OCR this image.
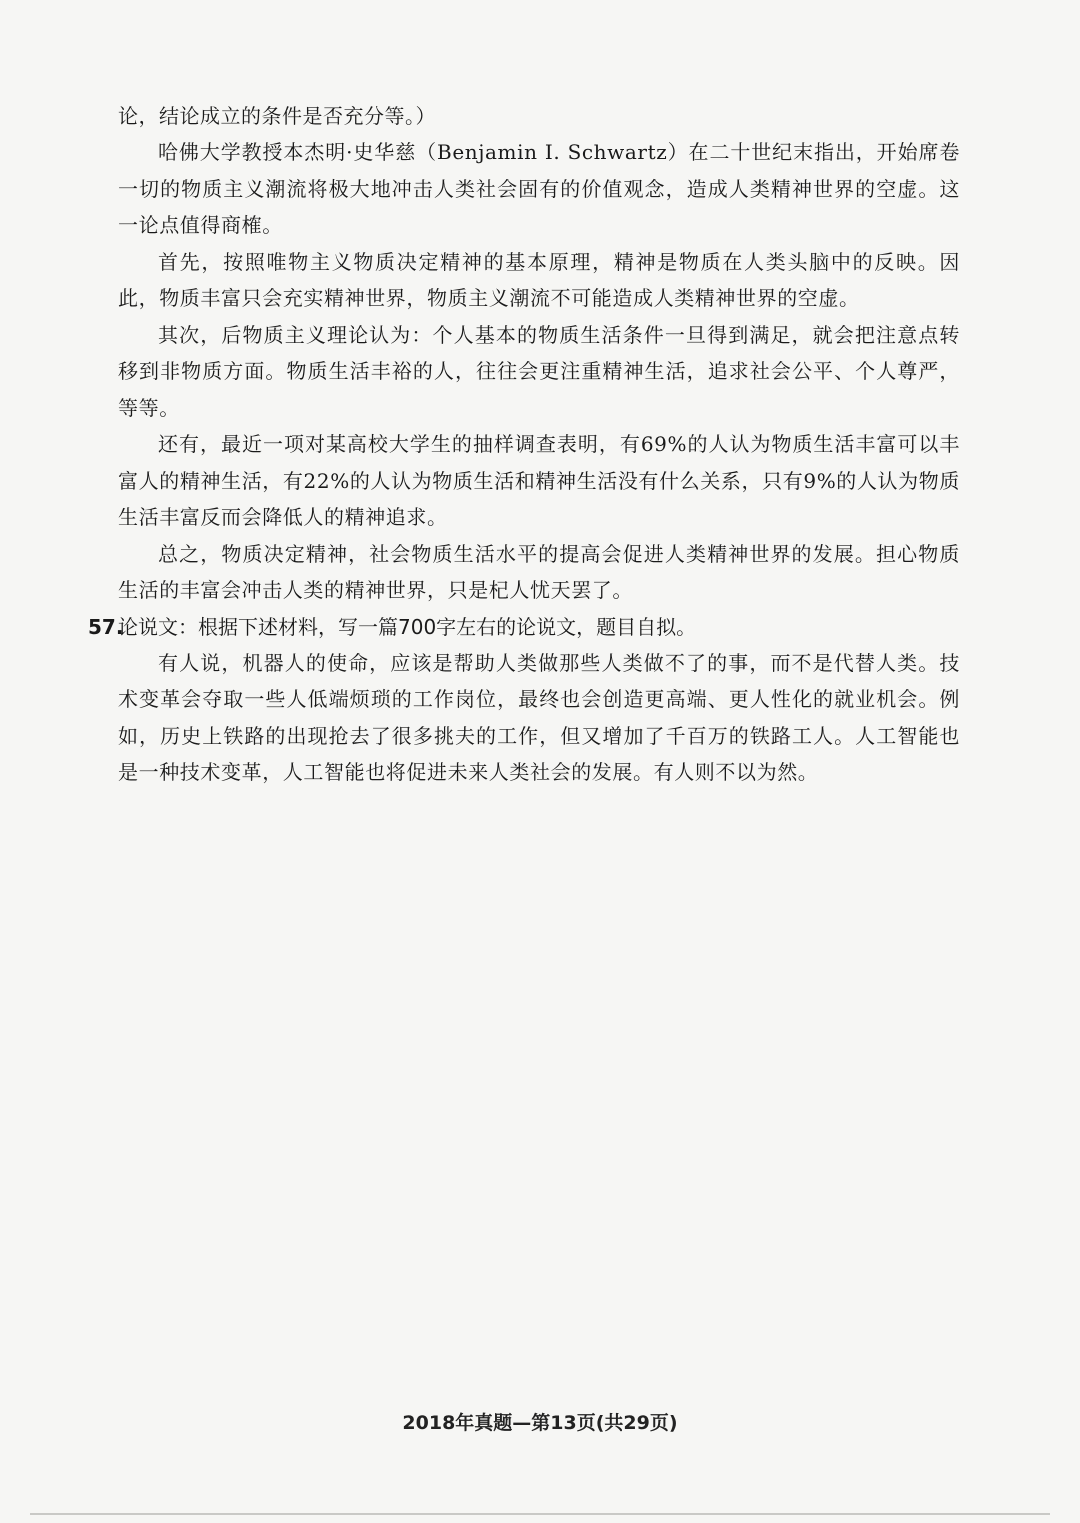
论，结论成立的条件是否充分等。）

哈佛大学教授本杰明·史华慈（Benjamin I. Schwartz）在二十世纪末指出，开始席卷一切的物质主义潮流将极大地冲击人类社会固有的价值观念，造成人类精神世界的空虚。这一论点值得商榷。

首先，按照唯物主义物质决定精神的基本原理，精神是物质在人类头脑中的反映。因此，物质丰富只会充实精神世界，物质主义潮流不可能造成人类精神世界的空虚。

其次，后物质主义理论认为：个人基本的物质生活条件一旦得到满足，就会把注意点转移到非物质方面。物质生活丰裕的人，往往会更注重精神生活，追求社会公平、个人尊严，等等。

还有，最近一项对某高校大学生的抽样调查表明，有69%的人认为物质生活丰富可以丰富人的精神生活，有22%的人认为物质生活和精神生活没有什么关系，只有9%的人认为物质生活丰富反而会降低人的精神追求。

总之，物质决定精神，社会物质生活水平的提高会促进人类精神世界的发展。担心物质生活的丰富会冲击人类的精神世界，只是杞人忧天罢了。

57.
论说文：根据下述材料，写一篇700字左右的论说文，题目自拟。

有人说，机器人的使命，应该是帮助人类做那些人类做不了的事，而不是代替人类。技术变革会夺取一些人低端烦琐的工作岗位，最终也会创造更高端、更人性化的就业机会。例如，历史上铁路的出现抢去了很多挑夫的工作，但又增加了千百万的铁路工人。人工智能也是一种技术变革，人工智能也将促进未来人类社会的发展。有人则不以为然。

2018年真题—第13页(共29页)
